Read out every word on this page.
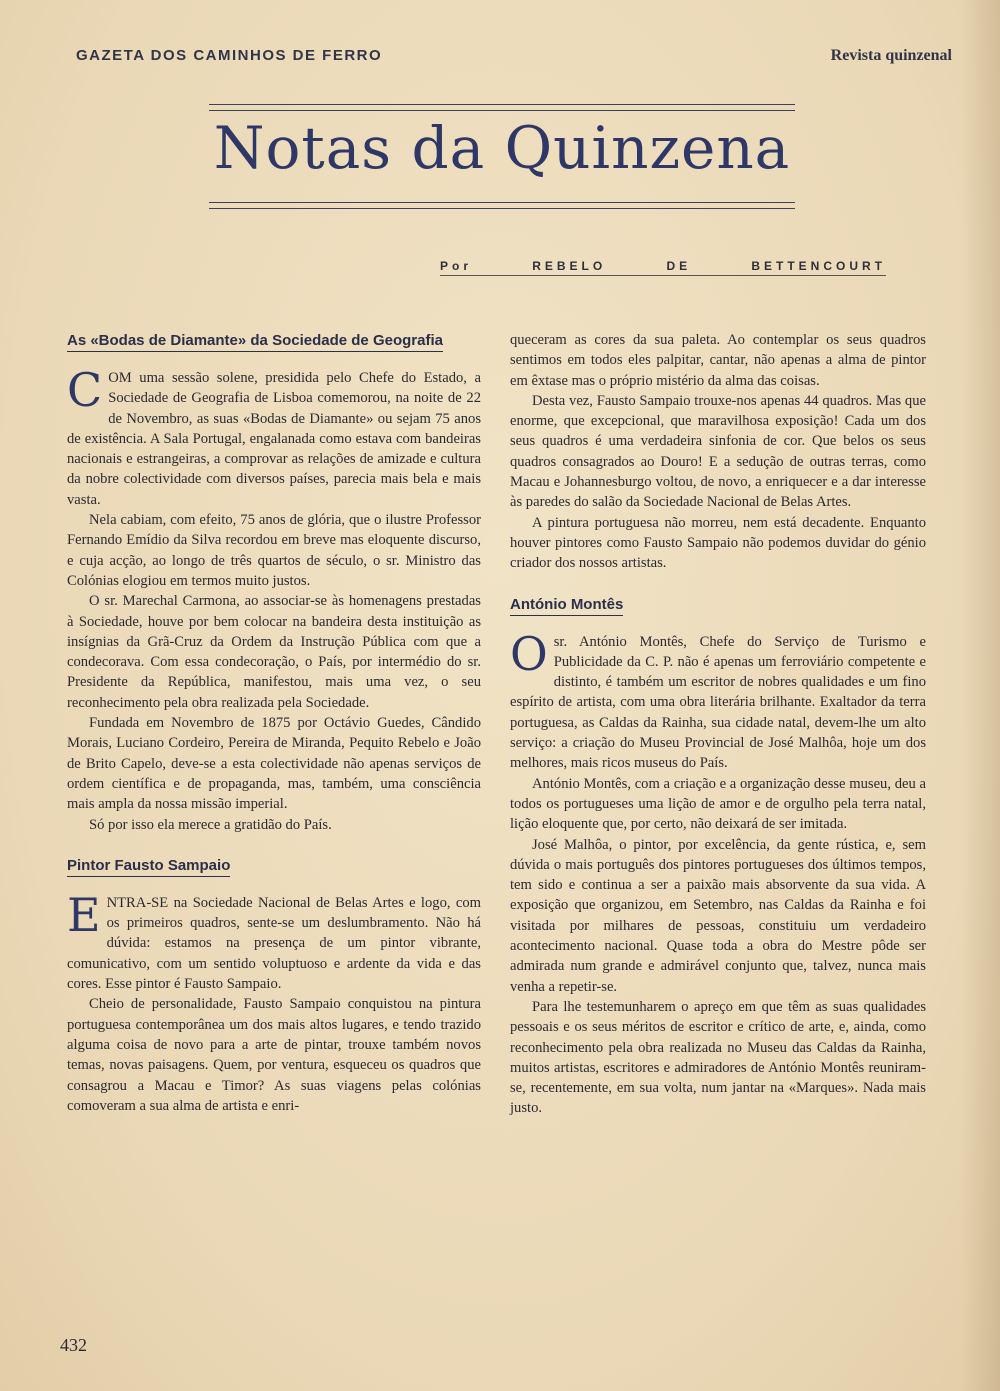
GAZETA DOS CAMINHOS DE FERRO	Revista quinzenal
Notas da Quinzena
Por	REBELO	DE	BETTENCOURT
As «Bodas de Diamante» da Sociedade de Geografia

COM uma sessão solene, presidida pelo Chefe do Estado, a Sociedade de Geografia de Lisboa comemorou, na noite de 22 de Novembro, as suas «Bodas de Diamante» ou sejam 75 anos de existência. A Sala Portugal, engalanada como estava com bandeiras nacionais e estrangeiras, a comprovar as relações de amizade e cultura da nobre colectividade com diversos países, parecia mais bela e mais vasta.

Nela cabiam, com efeito, 75 anos de glória, que o ilustre Professor Fernando Emídio da Silva recordou em breve mas eloquente discurso, e cuja acção, ao longo de três quartos de século, o sr. Ministro das Colónias elogiou em termos muito justos.

O sr. Marechal Carmona, ao associar-se às homenagens prestadas à Sociedade, houve por bem colocar na bandeira desta instituição as insígnias da Grã-Cruz da Ordem da Instrução Pública com que a condecorava. Com essa condecoração, o País, por intermédio do sr. Presidente da República, manifestou, mais uma vez, o seu reconhecimento pela obra realizada pela Sociedade.

Fundada em Novembro de 1875 por Octávio Guedes, Cândido Morais, Luciano Cordeiro, Pereira de Miranda, Pequito Rebelo e João de Brito Capelo, deve-se a esta colectividade não apenas serviços de ordem científica e de propaganda, mas, também, uma consciência mais ampla da nossa missão imperial.

Só por isso ela merece a gratidão do País.

Pintor Fausto Sampaio

ENTRA-SE na Sociedade Nacional de Belas Artes e logo, com os primeiros quadros, sente-se um deslumbramento. Não há dúvida: estamos na presença de um pintor vibrante, comunicativo, com um sentido voluptuoso e ardente da vida e das cores. Esse pintor é Fausto Sampaio.

Cheio de personalidade, Fausto Sampaio conquistou na pintura portuguesa contemporânea um dos mais altos lugares, e tendo trazido alguma coisa de novo para a arte de pintar, trouxe também novos temas, novas paisagens. Quem, por ventura, esqueceu os quadros que consagrou a Macau e Timor? As suas viagens pelas colónias comoveram a sua alma de artista e enri-

queceram as cores da sua paleta. Ao contemplar os seus quadros sentimos em todos eles palpitar, cantar, não apenas a alma de pintor em êxtase mas o próprio mistério da alma das coisas.

Desta vez, Fausto Sampaio trouxe-nos apenas 44 quadros. Mas que enorme, que excepcional, que maravilhosa exposição! Cada um dos seus quadros é uma verdadeira sinfonia de cor. Que belos os seus quadros consagrados ao Douro! E a sedução de outras terras, como Macau e Johannesburgo voltou, de novo, a enriquecer e a dar interesse às paredes do salão da Sociedade Nacional de Belas Artes.

A pintura portuguesa não morreu, nem está decadente. Enquanto houver pintores como Fausto Sampaio não podemos duvidar do génio criador dos nossos artistas.

António Montês

Osr. António Montês, Chefe do Serviço de Turismo e Publicidade da C. P. não é apenas um ferroviário competente e distinto, é também um escritor de nobres qualidades e um fino espírito de artista, com uma obra literária brilhante. Exaltador da terra portuguesa, as Caldas da Rainha, sua cidade natal, devem-lhe um alto serviço: a criação do Museu Provincial de José Malhôa, hoje um dos melhores, mais ricos museus do País.

António Montês, com a criação e a organização desse museu, deu a todos os portugueses uma lição de amor e de orgulho pela terra natal, lição eloquente que, por certo, não deixará de ser imitada.

José Malhôa, o pintor, por excelência, da gente rústica, e, sem dúvida o mais português dos pintores portugueses dos últimos tempos, tem sido e continua a ser a paixão mais absorvente da sua vida. A exposição que organizou, em Setembro, nas Caldas da Rainha e foi visitada por milhares de pessoas, constituiu um verdadeiro acontecimento nacional. Quase toda a obra do Mestre pôde ser admirada num grande e admirável conjunto que, talvez, nunca mais venha a repetir-se.

Para lhe testemunharem o apreço em que têm as suas qualidades pessoais e os seus méritos de escritor e crítico de arte, e, ainda, como reconhecimento pela obra realizada no Museu das Caldas da Rainha, muitos artistas, escritores e admiradores de António Montês reuniram-se, recentemente, em sua volta, num jantar na «Marques». Nada mais justo.

432
